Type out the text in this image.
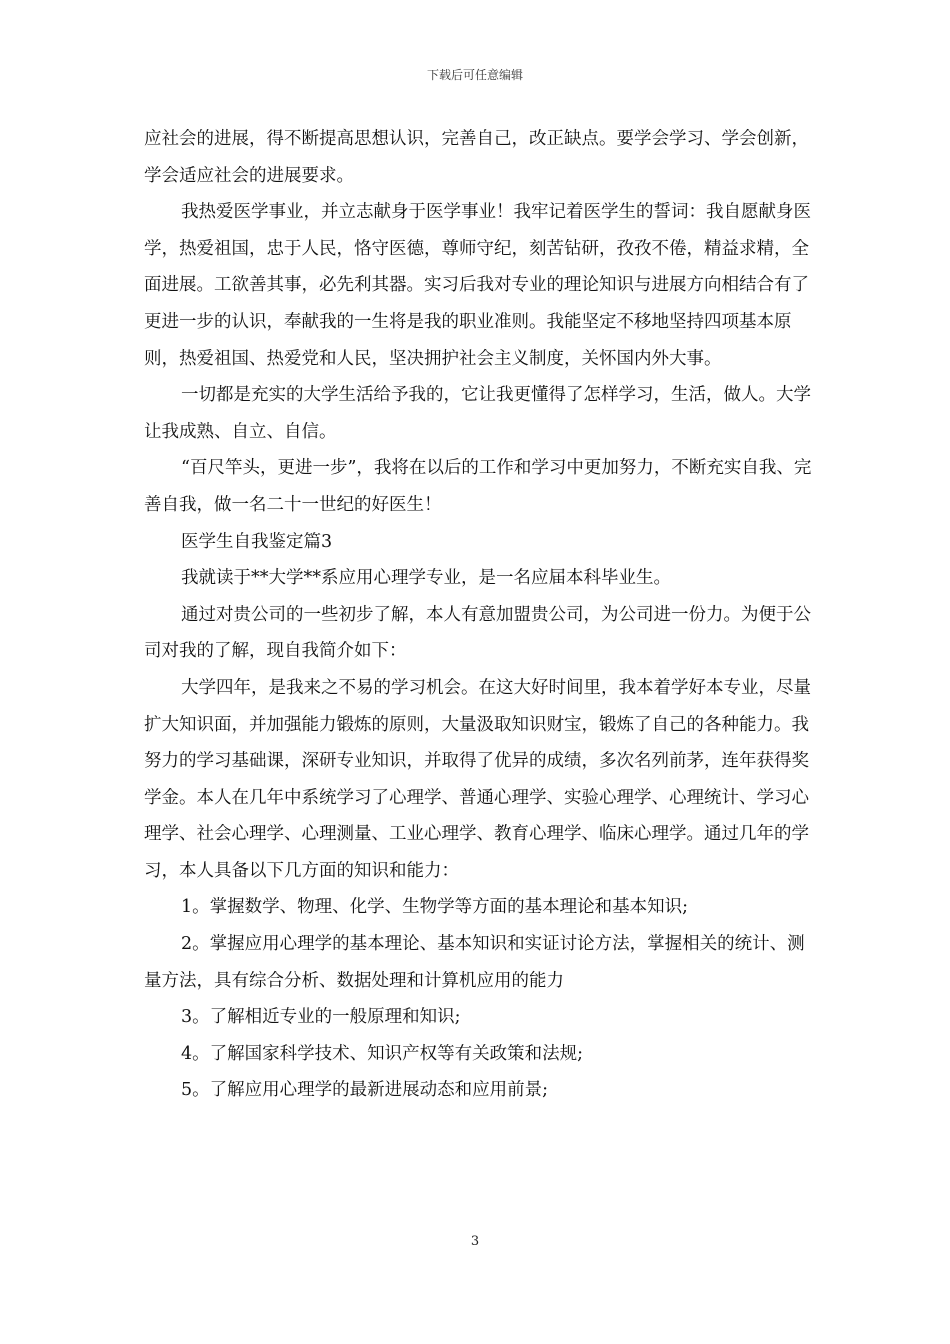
下载后可任意编辑

应社会的进展，得不断提高思想认识，完善自己，改正缺点。要学会学习、学会创新，学会适应社会的进展要求。

我热爱医学事业，并立志献身于医学事业！我牢记着医学生的誓词：我自愿献身医学，热爱祖国，忠于人民，恪守医德，尊师守纪，刻苦钻研，孜孜不倦，精益求精，全面进展。工欲善其事，必先利其器。实习后我对专业的理论知识与进展方向相结合有了更进一步的认识，奉献我的一生将是我的职业准则。我能坚定不移地坚持四项基本原则，热爱祖国、热爱党和人民，坚决拥护社会主义制度，关怀国内外大事。

一切都是充实的大学生活给予我的，它让我更懂得了怎样学习，生活，做人。大学让我成熟、自立、自信。

“百尺竿头，更进一步”，我将在以后的工作和学习中更加努力，不断充实自我、完善自我，做一名二十一世纪的好医生！

医学生自我鉴定篇3

我就读于**大学**系应用心理学专业，是一名应届本科毕业生。

通过对贵公司的一些初步了解，本人有意加盟贵公司，为公司进一份力。为便于公司对我的了解，现自我简介如下：

大学四年，是我来之不易的学习机会。在这大好时间里，我本着学好本专业，尽量扩大知识面，并加强能力锻炼的原则，大量汲取知识财宝，锻炼了自己的各种能力。我努力的学习基础课，深研专业知识，并取得了优异的成绩，多次名列前茅，连年获得奖学金。本人在几年中系统学习了心理学、普通心理学、实验心理学、心理统计、学习心理学、社会心理学、心理测量、工业心理学、教育心理学、临床心理学。通过几年的学习，本人具备以下几方面的知识和能力：

1。掌握数学、物理、化学、生物学等方面的基本理论和基本知识;

2。掌握应用心理学的基本理论、基本知识和实证讨论方法，掌握相关的统计、测量方法，具有综合分析、数据处理和计算机应用的能力

3。了解相近专业的一般原理和知识;

4。了解国家科学技术、知识产权等有关政策和法规;

5。了解应用心理学的最新进展动态和应用前景;

3
